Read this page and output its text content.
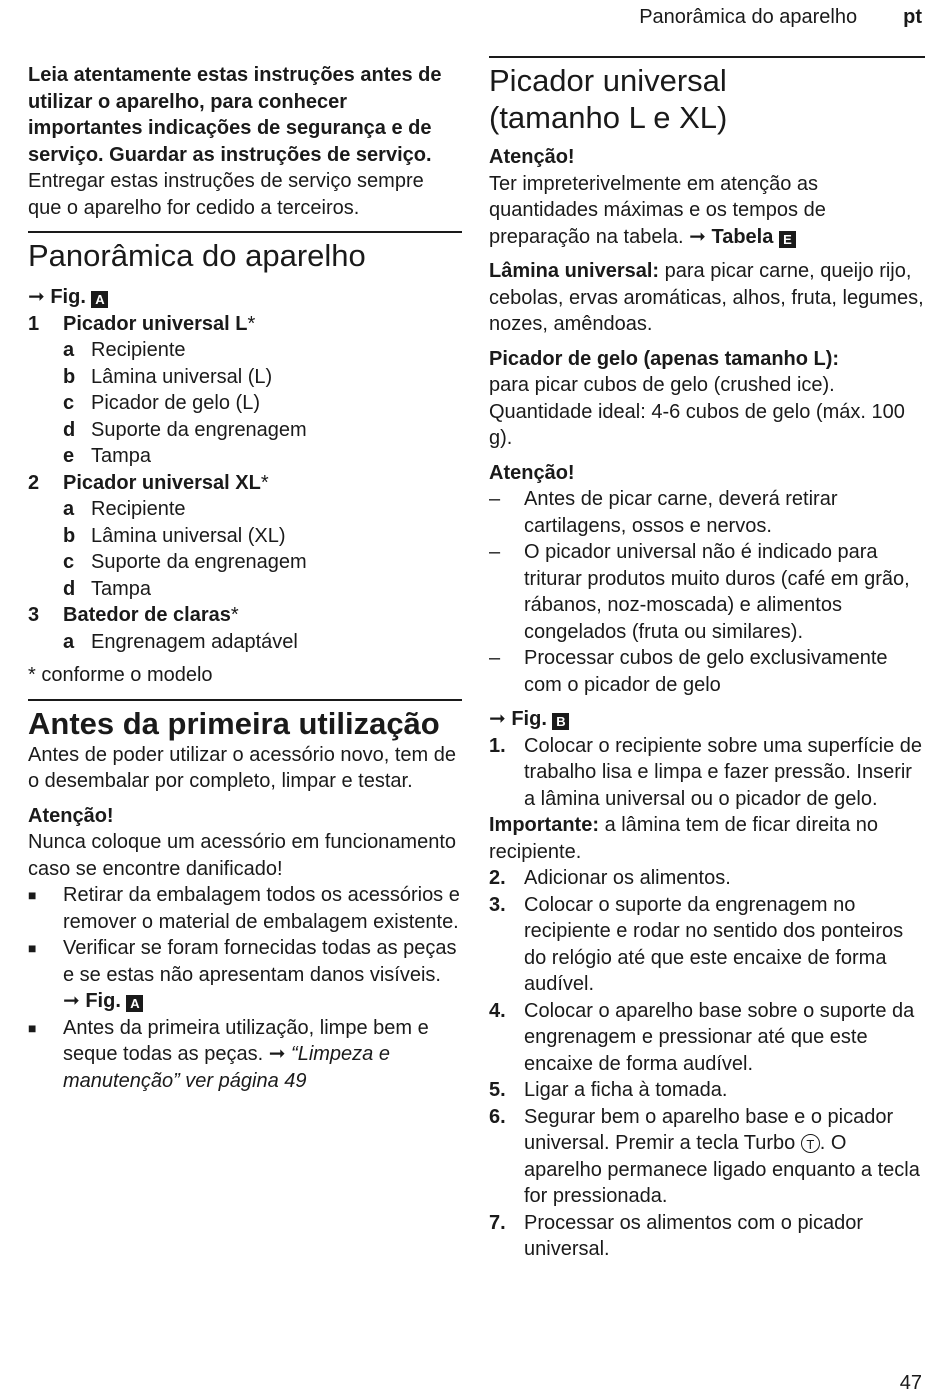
Panorâmica do aparelho pt

Leia atentamente estas instruções antes de utilizar o aparelho, para conhecer importantes indicações de segurança e de serviço. Guardar as instruções de serviço.
Entregar estas instruções de serviço sempre que o aparelho for cedido a terceiros.

Panorâmica do aparelho
➞ Fig. A
1	Picador universal L*
a Recipiente
b Lâmina universal (L)
c Picador de gelo (L)
d Suporte da engrenagem
e Tampa
2	Picador universal XL*
a Recipiente
b Lâmina universal (XL)
c Suporte da engrenagem
d Tampa
3	Batedor de claras*
a Engrenagem adaptável

* conforme o modelo

Antes da primeira utilização

Antes de poder utilizar o acessório novo, tem de o desembalar por completo, limpar e testar.

Atenção!

Nunca coloque um acessório em funcionamento caso se encontre danificado!

■	Retirar da embalagem todos os acessórios e remover o material de embalagem existente.
■	Verificar se foram fornecidas todas as peças e se estas não apresentam danos visíveis. ➞ Fig. A
■	Antes da primeira utilização, limpe bem e seque todas as peças. ➞ “Limpeza e manutenção” ver página 49
Picador universal
(tamanho L e XL)

Atenção!

Ter impreterivelmente em atenção as quantidades máximas e os tempos de preparação na tabela. ➞ Tabela E

Lâmina universal: para picar carne, queijo rijo, cebolas, ervas aromáticas, alhos, fruta, legumes, nozes, amêndoas.

Picador de gelo (apenas tamanho L):
para picar cubos de gelo (crushed ice). Quantidade ideal: 4-6 cubos de gelo (máx. 100 g).

Atenção!

–	Antes de picar carne, deverá retirar cartilagens, ossos e nervos.
–	O picador universal não é indicado para triturar produtos muito duros (café em grão, rábanos, noz-moscada) e alimentos congelados (fruta ou similares).
–	Processar cubos de gelo exclusivamente com o picador de gelo
➞ Fig. B
1. Colocar o recipiente sobre uma superfície de trabalho lisa e limpa e fazer pressão. Inserir a lâmina universal ou o picador de gelo.

Importante: a lâmina tem de ficar direita no recipiente.

2. Adicionar os alimentos.
3. Colocar o suporte da engrenagem no recipiente e rodar no sentido dos ponteiros do relógio até que este encaixe de forma audível.
4. Colocar o aparelho base sobre o suporte da engrenagem e pressionar até que este encaixe de forma audível.
5. Ligar a ficha à tomada.
6. Segurar bem o aparelho base e o picador universal. Premir a tecla Turbo T . O aparelho permanece ligado enquanto a tecla for pressionada.
7. Processar os alimentos com o picador universal.
47
